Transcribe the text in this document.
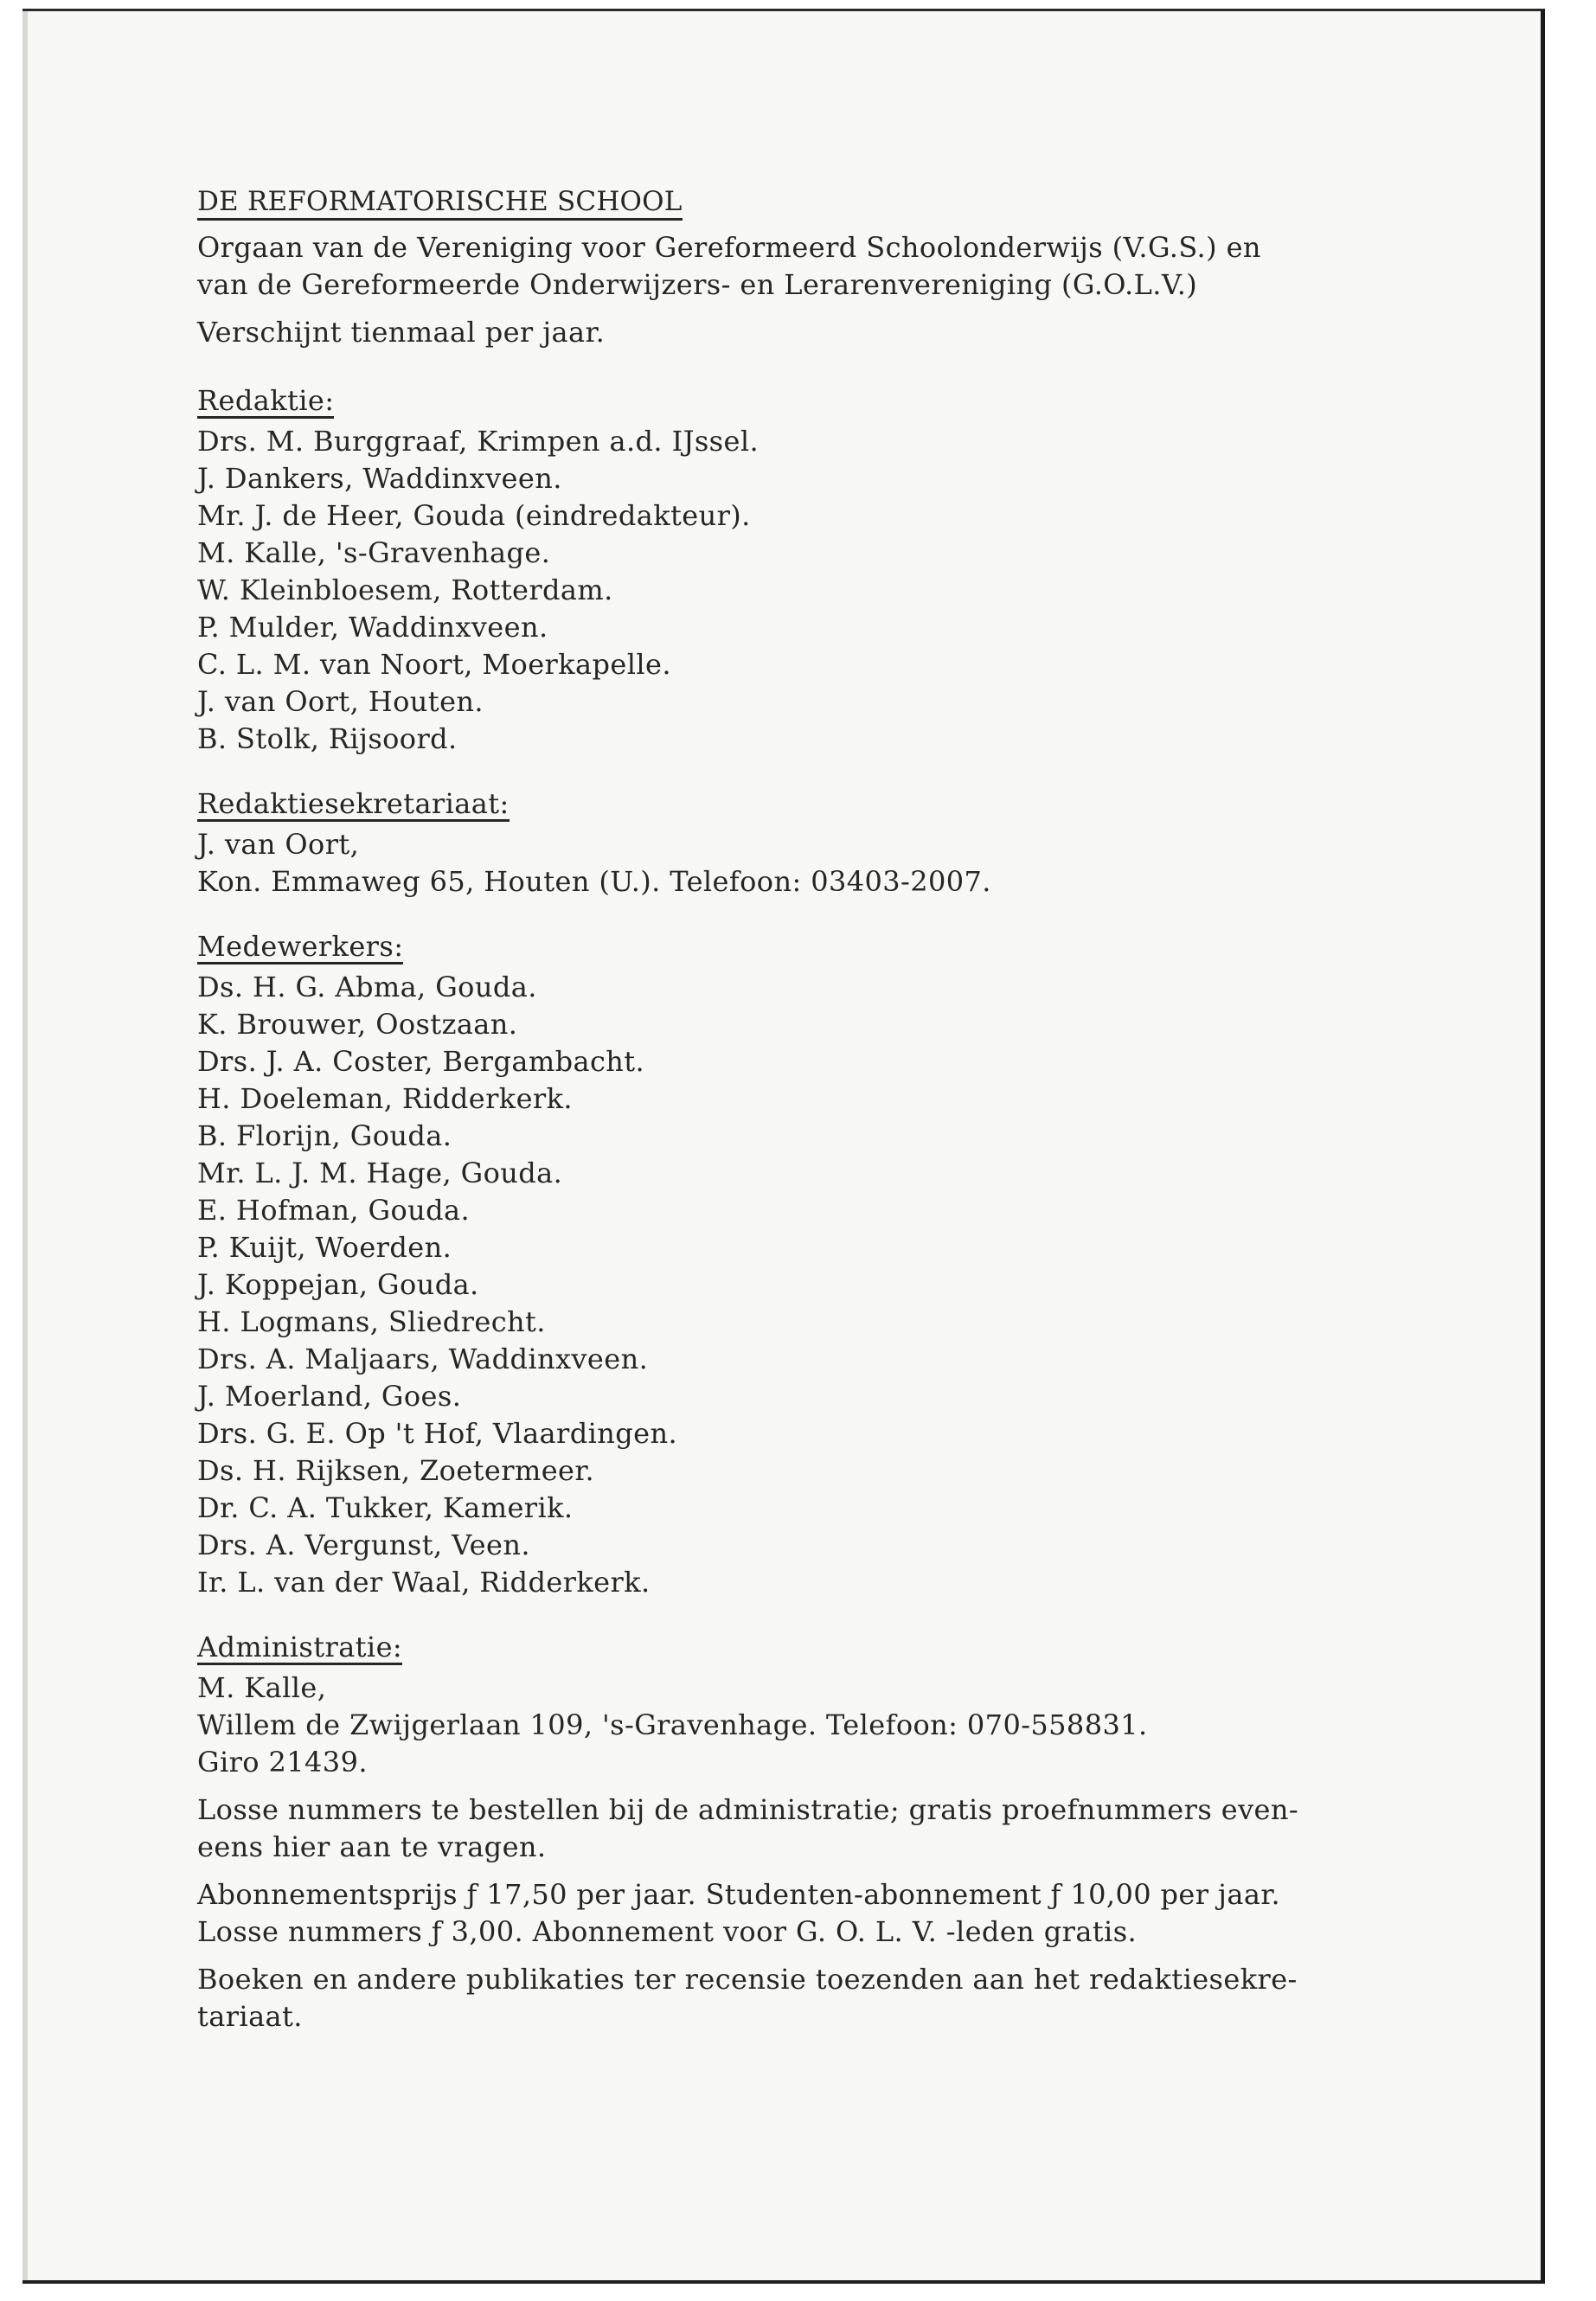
DE REFORMATORISCHE SCHOOL
Orgaan van de Vereniging voor Gereformeerd Schoolonderwijs (V.G.S.) en
van de Gereformeerde Onderwijzers- en Lerarenvereniging (G.O.L.V.)
Verschijnt tienmaal per jaar.
Redaktie:
Drs. M. Burggraaf, Krimpen a.d. IJssel.
J. Dankers, Waddinxveen.
Mr. J. de Heer, Gouda (eindredakteur).
M. Kalle, 's-Gravenhage.
W. Kleinbloesem, Rotterdam.
P. Mulder, Waddinxveen.
C. L. M. van Noort, Moerkapelle.
J. van Oort, Houten.
B. Stolk, Rijsoord.
Redaktiesekretariaat:
J. van Oort,
Kon. Emmaweg 65, Houten (U.). Telefoon: 03403-2007.
Medewerkers:
Ds. H. G. Abma, Gouda.
K. Brouwer, Oostzaan.
Drs. J. A. Coster, Bergambacht.
H. Doeleman, Ridderkerk.
B. Florijn, Gouda.
Mr. L. J. M. Hage, Gouda.
E. Hofman, Gouda.
P. Kuijt, Woerden.
J. Koppejan, Gouda.
H. Logmans, Sliedrecht.
Drs. A. Maljaars, Waddinxveen.
J. Moerland, Goes.
Drs. G. E. Op 't Hof, Vlaardingen.
Ds. H. Rijksen, Zoetermeer.
Dr. C. A. Tukker, Kamerik.
Drs. A. Vergunst, Veen.
Ir. L. van der Waal, Ridderkerk.
Administratie:
M. Kalle,
Willem de Zwijgerlaan 109, 's-Gravenhage. Telefoon: 070-558831.
Giro 21439.
Losse nummers te bestellen bij de administratie; gratis proefnummers even-
eens hier aan te vragen.
Abonnementsprijs ƒ 17,50 per jaar. Studenten-abonnement ƒ 10,00 per jaar.
Losse nummers ƒ 3,00. Abonnement voor G. O. L. V. -leden gratis.
Boeken en andere publikaties ter recensie toezenden aan het redaktiesekre-
tariaat.
